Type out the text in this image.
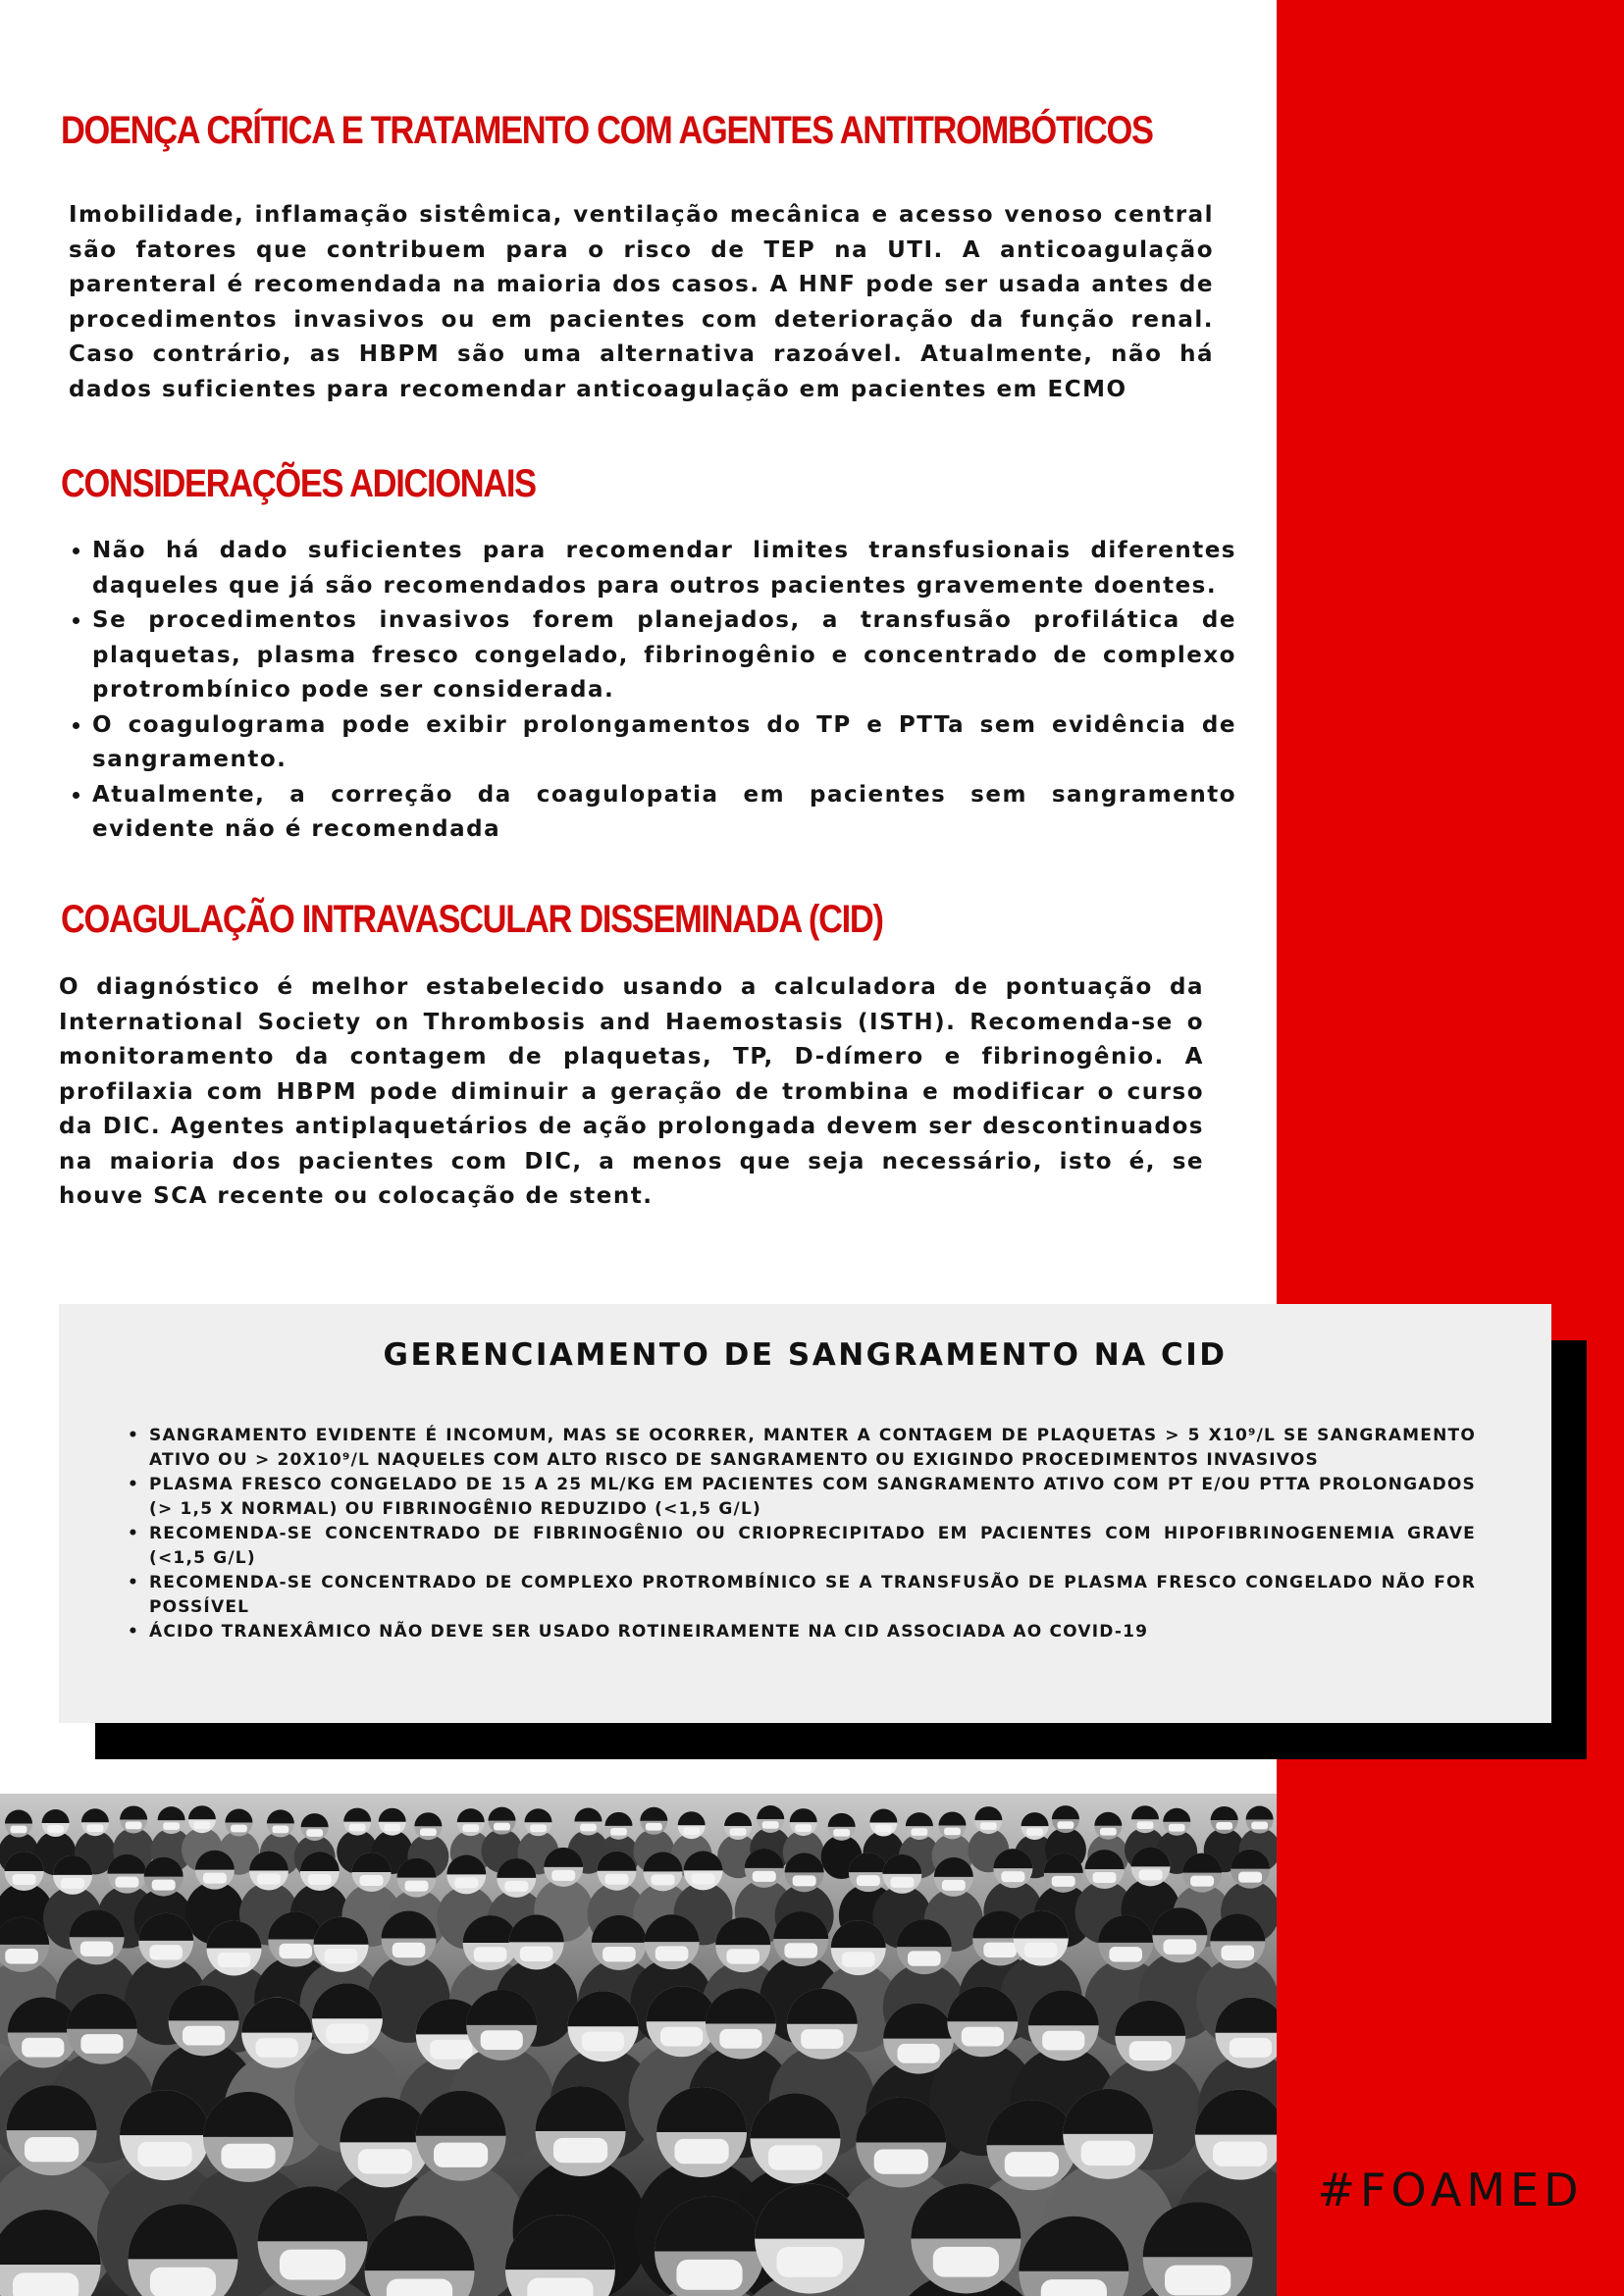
DOENÇA CRÍTICA E TRATAMENTO COM AGENTES ANTITROMBÓTICOS

Imobilidade, inflamação sistêmica, ventilação mecânica e acesso venoso central são fatores que contribuem para o risco de TEP na UTI. A anticoagulação parenteral é recomendada na maioria dos casos. A HNF pode ser usada antes de procedimentos invasivos ou em pacientes com deterioração da função renal. Caso contrário, as HBPM são uma alternativa razoável. Atualmente, não há dados suficientes para recomendar anticoagulação em pacientes em ECMO

CONSIDERAÇÕES ADICIONAIS
• Não há dado suficientes para recomendar limites transfusionais diferentes daqueles que já são recomendados para outros pacientes gravemente doentes.
• Se procedimentos invasivos forem planejados, a transfusão profilática de plaquetas, plasma fresco congelado, fibrinogênio e concentrado de complexo protrombínico pode ser considerada.
• O coagulograma pode exibir prolongamentos do TP e PTTa sem evidência de sangramento.
• Atualmente, a correção da coagulopatia em pacientes sem sangramento evidente não é recomendada
COAGULAÇÃO INTRAVASCULAR DISSEMINADA (CID)

O diagnóstico é melhor estabelecido usando a calculadora de pontuação da International Society on Thrombosis and Haemostasis (ISTH). Recomenda-se o monitoramento da contagem de plaquetas, TP, D-dímero e fibrinogênio. A profilaxia com HBPM pode diminuir a geração de trombina e modificar o curso da DIC. Agentes antiplaquetários de ação prolongada devem ser descontinuados na maioria dos pacientes com DIC, a menos que seja necessário, isto é, se houve SCA recente ou colocação de stent.

GERENCIAMENTO DE SANGRAMENTO NA CID
• SANGRAMENTO EVIDENTE É INCOMUM, MAS SE OCORRER, MANTER A CONTAGEM DE PLAQUETAS > 5 X10⁹/L SE SANGRAMENTO ATIVO OU > 20X10⁹/L NAQUELES COM ALTO RISCO DE SANGRAMENTO OU EXIGINDO PROCEDIMENTOS INVASIVOS
• PLASMA FRESCO CONGELADO DE 15 A 25 ML/KG EM PACIENTES COM SANGRAMENTO ATIVO COM PT E/OU PTTA PROLONGADOS (> 1,5 X NORMAL) OU FIBRINOGÊNIO REDUZIDO (<1,5 G/L)
• RECOMENDA-SE CONCENTRADO DE FIBRINOGÊNIO OU CRIOPRECIPITADO EM PACIENTES COM HIPOFIBRINOGENEMIA GRAVE (<1,5 G/L)
• RECOMENDA-SE CONCENTRADO DE COMPLEXO PROTROMBÍNICO SE A TRANSFUSÃO DE PLASMA FRESCO CONGELADO NÃO FOR POSSÍVEL
• ÁCIDO TRANEXÂMICO NÃO DEVE SER USADO ROTINEIRAMENTE NA CID ASSOCIADA AO COVID-19

#FOAMED
